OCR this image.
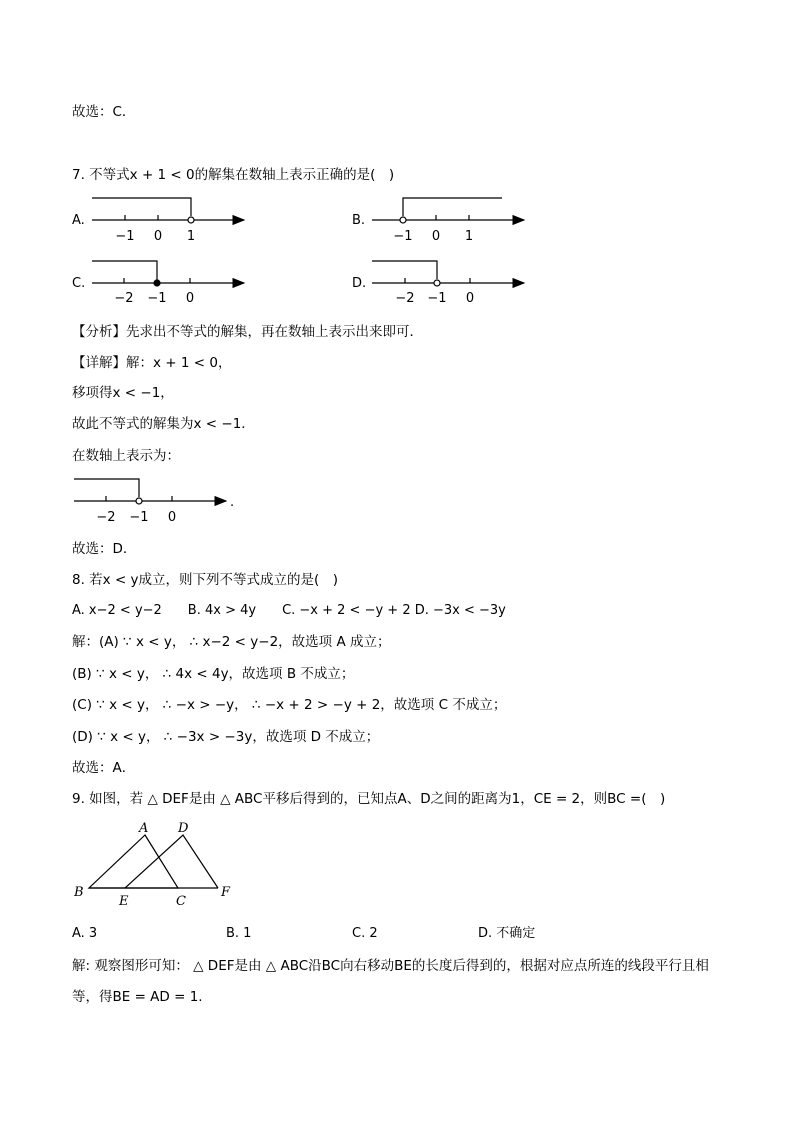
故选：C．
7. 不等式x + 1 < 0的解集在数轴上表示正确的是(　)
A.
−1 0 1	−1 0 1
−2 −1 0	−2 −1 0
−2 −1 0
.
A D
B
E	C
F
B.
C.	D.
【分析】先求出不等式的解集，再在数轴上表示出来即可．
【详解】解：x + 1 < 0，
移项得x < −1，
故此不等式的解集为x < −1．
在数轴上表示为：
故选：D．
8. 若x < y成立，则下列不等式成立的是(　)
A. x−2 < y−2　　B. 4x > 4y　　C. −x + 2 < −y + 2 D. −3x < −3y
解：(A) ∵ x < y， ∴ x−2 < y−2，故选项 A 成立；
(B) ∵ x < y， ∴ 4x < 4y，故选项 B 不成立；
(C) ∵ x < y， ∴ −x > −y， ∴ −x + 2 > −y + 2，故选项 C 不成立；
(D) ∵ x < y， ∴ −3x > −3y，故选项 D 不成立；
故选：A．
9. 如图，若 △ DEF是由 △ ABC平移后得到的，已知点A、D之间的距离为1，CE = 2，则BC =(　)
A. 3	B. 1	C. 2	D. 不确定
解: 观察图形可知： △ DEF是由 △ ABC沿BC向右移动BE的长度后得到的，根据对应点所连的线段平行且相
等，得BE = AD = 1.
